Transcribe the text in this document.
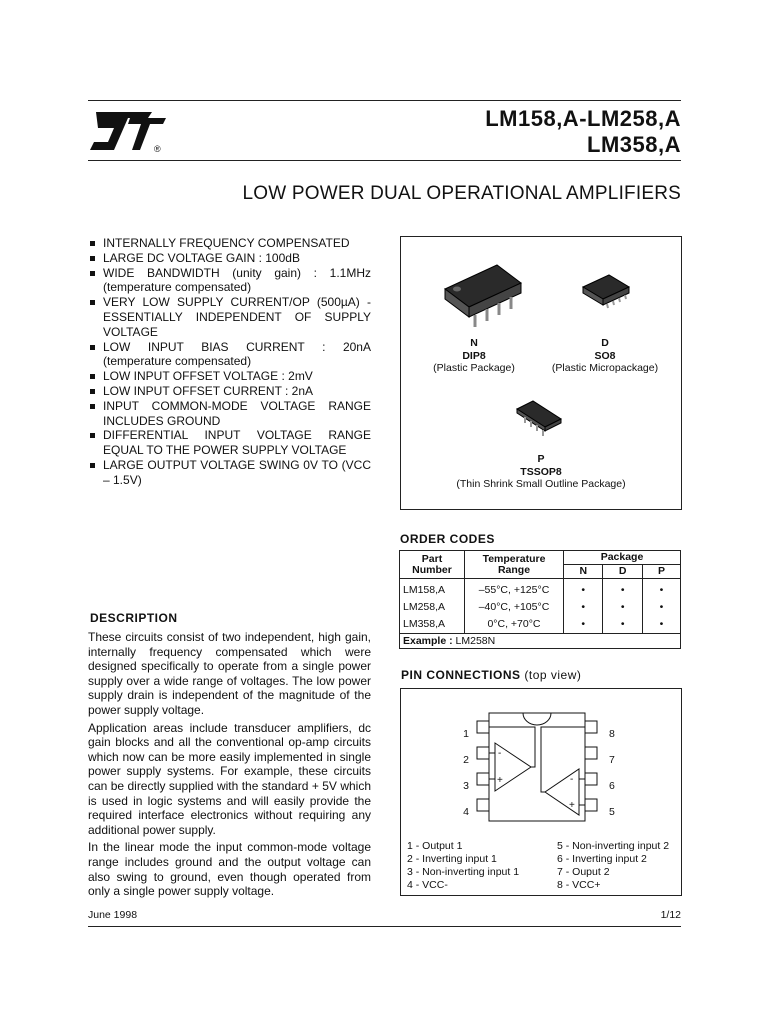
®
LM158,A-LM258,A
LM358,A
LOW POWER DUAL OPERATIONAL AMPLIFIERS
INTERNALLY FREQUENCY COMPENSATED
LARGE DC VOLTAGE GAIN : 100dB
WIDE BANDWIDTH (unity gain) : 1.1MHz (temperature compensated)
VERY LOW SUPPLY CURRENT/OP (500µA) - ESSENTIALLY INDEPENDENT OF SUPPLY VOLTAGE
LOW INPUT BIAS CURRENT : 20nA (temperature compensated)
LOW INPUT OFFSET VOLTAGE : 2mV
LOW INPUT OFFSET CURRENT : 2nA
INPUT COMMON-MODE VOLTAGE RANGE INCLUDES GROUND
DIFFERENTIAL INPUT VOLTAGE RANGE EQUAL TO THE POWER SUPPLY VOLTAGE
LARGE OUTPUT VOLTAGE SWING 0V TO (VCC – 1.5V)
N
DIP8
(Plastic Package)
D
SO8
(Plastic Micropackage)
P
TSSOP8
(Thin Shrink Small Outline Package)
ORDER CODES
Part Number	Temperature Range	Package		
		N	D	P
LM158,A	–55°C, +125°C	•	•	•
LM258,A	–40°C, +105°C	•	•	•
LM358,A	0°C, +70°C	•	•	•
Example : LM258N				
DESCRIPTION

These circuits consist of two independent, high gain, internally frequency compensated which were designed specifically to operate from a single power supply over a wide range of voltages. The low power supply drain is independent of the magnitude of the power supply voltage.

Application areas include transducer amplifiers, dc gain blocks and all the conventional op-amp circuits which now can be more easily implemented in single power supply systems. For example, these circuits can be directly supplied with the standard + 5V which is used in logic systems and will easily provide the required interface electronics without requiring any additional power supply.

In the linear mode the input common-mode voltage range includes ground and the output voltage can also swing to ground, even though operated from only a single power supply voltage.

PIN CONNECTIONS (top view)
-
+	-
+
1
2
3
4
8
7
6
5
1 - Output 1
2 - Inverting input 1
3 - Non-inverting input 1
4 - VCC-
5 - Non-inverting input 2
6 - Inverting input 2
7 - Ouput 2
8 - VCC+
June 1998	1/12
